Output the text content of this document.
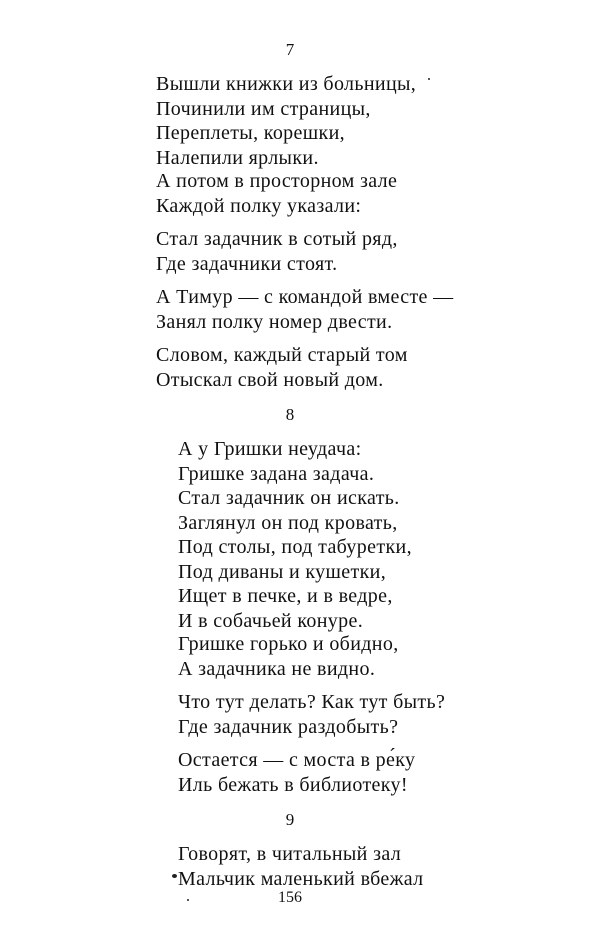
7
Вышли книжки из больницы,
Починили им страницы,
Переплеты, корешки,
Налепили ярлыки.
А потом в просторном зале
Каждой полку указали:
Стал задачник в сотый ряд,
Где задачники стоят.
А Тимур — с командой вместе —
Занял полку номер двести.
Словом, каждый старый том
Отыскал свой новый дом.
8
А у Гришки неудача:
Гришке задана задача.
Стал задачник он искать.
Заглянул он под кровать,
Под столы, под табуретки,
Под диваны и кушетки,
Ищет в печке, и в ведре,
И в собачьей конуре.
Гришке горько и обидно,
А задачника не видно.
Что тут делать? Как тут быть?
Где задачник раздобыть?
Остается — с моста в ре́ку
Иль бежать в библиотеку!
9
Говорят, в читальный зал
Мальчик маленький вбежал
156
